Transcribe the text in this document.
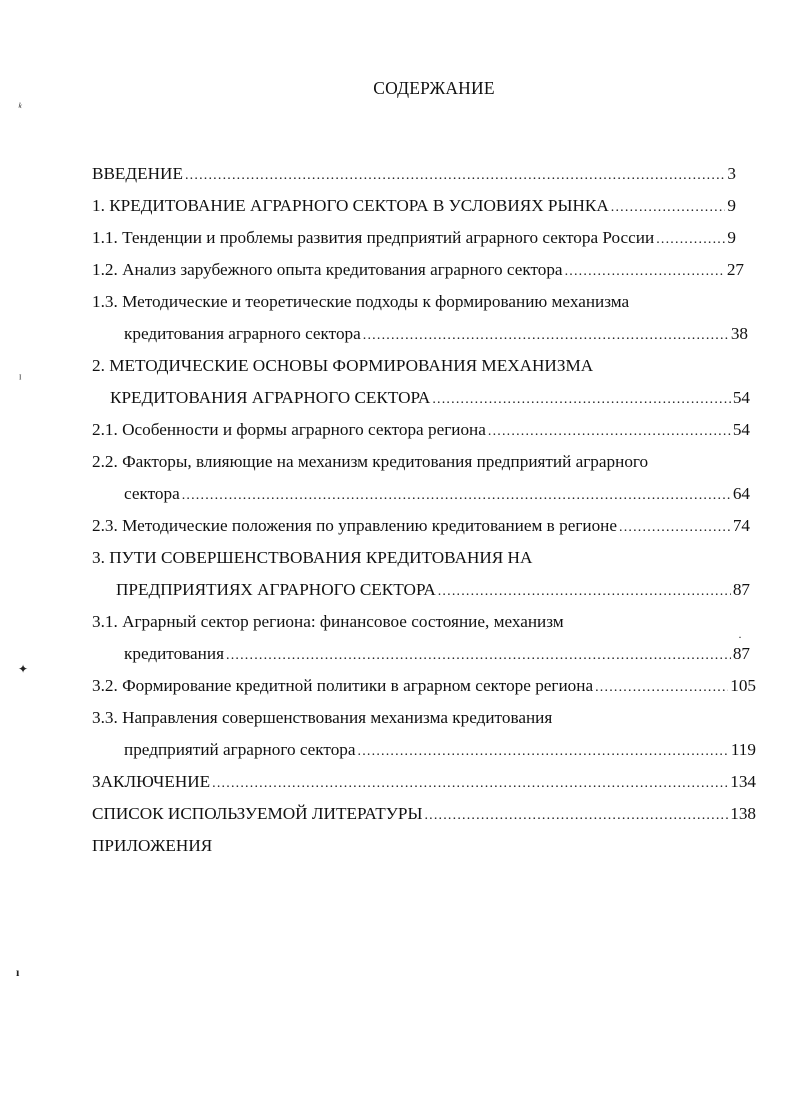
СОДЕРЖАНИЕ
ВВЕДЕНИЕ .....	3
1. КРЕДИТОВАНИЕ АГРАРНОГО СЕКТОРА В УСЛОВИЯХ РЫНКА .....	9
1.1. Тенденции и проблемы развития предприятий аграрного сектора России .....	9
1.2. Анализ зарубежного опыта кредитования аграрного сектора .....	27
1.3. Методические и теоретические подходы к формированию механизма
кредитования аграрного сектора .....	38
2. МЕТОДИЧЕСКИЕ ОСНОВЫ ФОРМИРОВАНИЯ МЕХАНИЗМА
КРЕДИТОВАНИЯ АГРАРНОГО СЕКТОРА .....	54
2.1. Особенности и формы аграрного сектора региона .....	54
2.2. Факторы, влияющие на механизм кредитования предприятий аграрного
сектора .....	64
2.3. Методические положения по управлению кредитованием в регионе .....	74
3. ПУТИ СОВЕРШЕНСТВОВАНИЯ КРЕДИТОВАНИЯ НА
ПРЕДПРИЯТИЯХ АГРАРНОГО СЕКТОРА .....	87
3.1. Аграрный сектор региона: финансовое состояние, механизм
кредитования .....	87
3.2. Формирование кредитной политики в аграрном секторе региона .....	105
3.3. Направления совершенствования механизма кредитования
предприятий аграрного сектора .....	119
ЗАКЛЮЧЕНИЕ .....	134
СПИСОК ИСПОЛЬЗУЕМОЙ ЛИТЕРАТУРЫ .....	138
ПРИЛОЖЕНИЯ
ᵏ
ᴵ
✦
ı
·
